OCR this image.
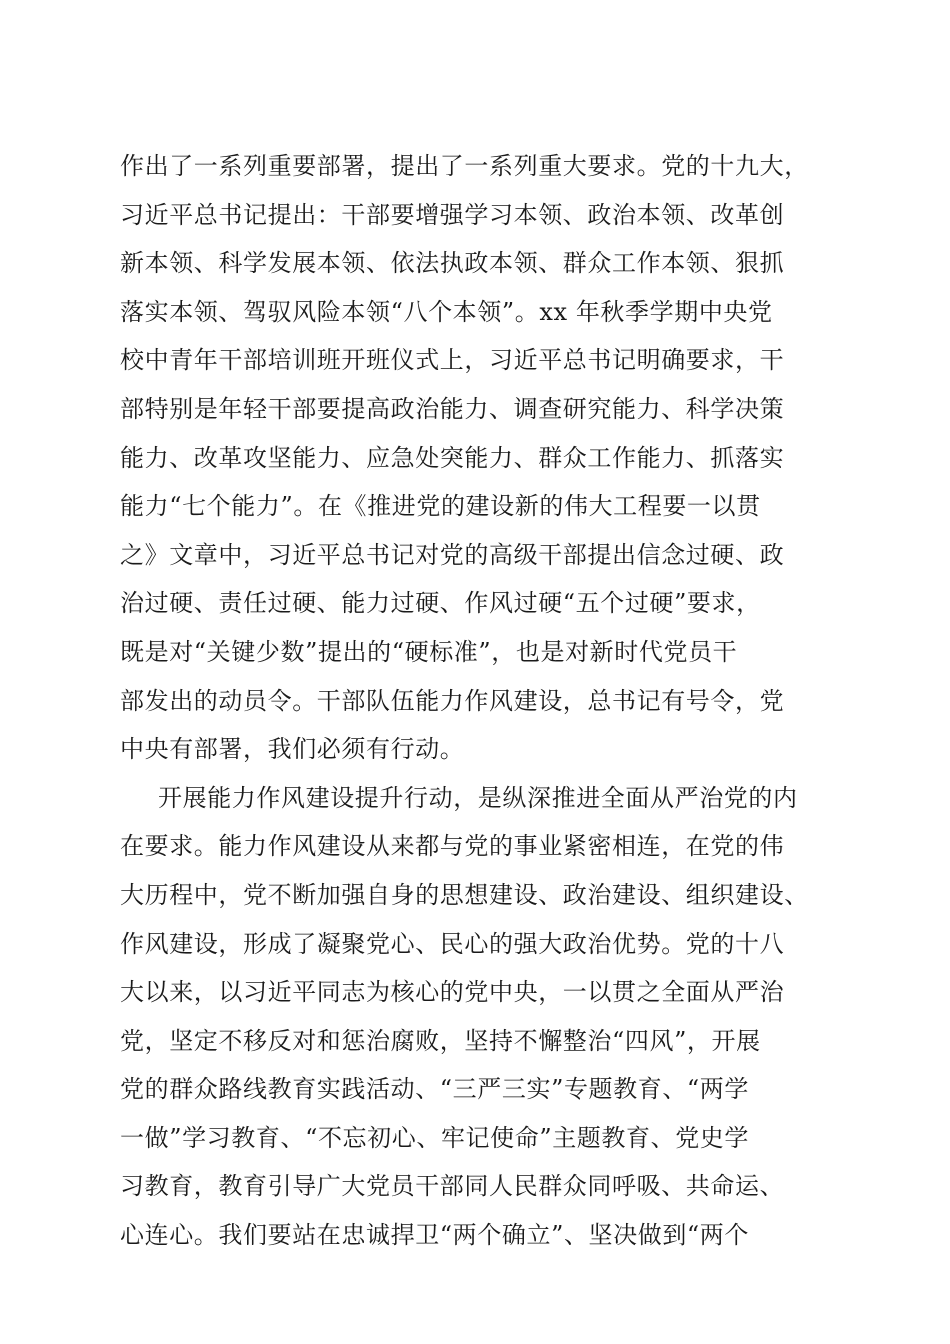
作出了一系列重要部署，提出了一系列重大要求。党的十九大，
习近平总书记提出：干部要增强学习本领、政治本领、改革创
新本领、科学发展本领、依法执政本领、群众工作本领、狠抓
落实本领、驾驭风险本领“八个本领”。xx 年秋季学期中央党
校中青年干部培训班开班仪式上，习近平总书记明确要求，干
部特别是年轻干部要提高政治能力、调查研究能力、科学决策
能力、改革攻坚能力、应急处突能力、群众工作能力、抓落实
能力“七个能力”。在《推进党的建设新的伟大工程要一以贯
之》文章中，习近平总书记对党的高级干部提出信念过硬、政
治过硬、责任过硬、能力过硬、作风过硬“五个过硬”要求，
既是对“关键少数”提出的“硬标准”，也是对新时代党员干
部发出的动员令。干部队伍能力作风建设，总书记有号令，党
中央有部署，我们必须有行动。
开展能力作风建设提升行动，是纵深推进全面从严治党的内
在要求。能力作风建设从来都与党的事业紧密相连，在党的伟
大历程中，党不断加强自身的思想建设、政治建设、组织建设、
作风建设，形成了凝聚党心、民心的强大政治优势。党的十八
大以来，以习近平同志为核心的党中央，一以贯之全面从严治
党，坚定不移反对和惩治腐败，坚持不懈整治“四风”，开展
党的群众路线教育实践活动、“三严三实”专题教育、“两学
一做”学习教育、“不忘初心、牢记使命”主题教育、党史学
习教育，教育引导广大党员干部同人民群众同呼吸、共命运、
心连心。我们要站在忠诚捍卫“两个确立”、坚决做到“两个
